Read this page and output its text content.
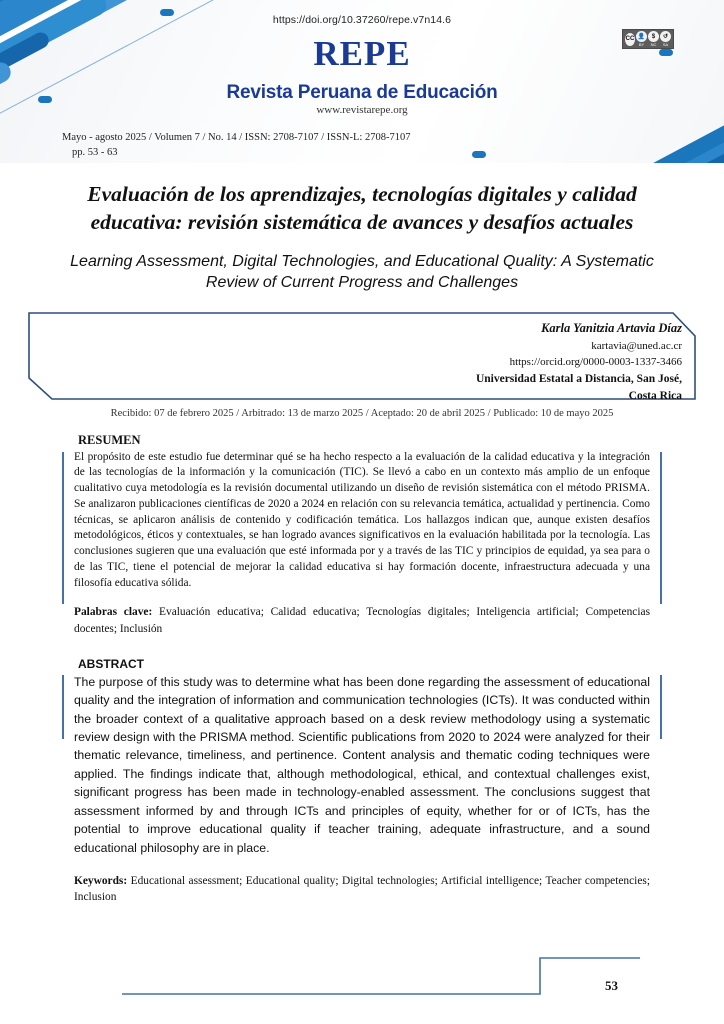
https://doi.org/10.37260/repe.v7n14.6
REPE
Revista Peruana de Educación
www.revistarepe.org
Mayo - agosto 2025 / Volumen 7 / No. 14 / ISSN: 2708-7107 / ISSN-L: 2708-7107
pp. 53 - 63
CC 👤
BY
$
NC
↺
SA
Evaluación de los aprendizajes, tecnologías digitales y calidad educativa: revisión sistemática de avances y desafíos actuales
Learning Assessment, Digital Technologies, and Educational Quality: A Systematic Review of Current Progress and Challenges
Karla Yanitzia Artavia Díaz
kartavia@uned.ac.cr
https://orcid.org/0000-0003-1337-3466
Universidad Estatal a Distancia, San José,
Costa Rica
Recibido: 07 de febrero 2025 / Arbitrado: 13 de marzo 2025 / Aceptado: 20 de abril 2025 / Publicado: 10 de mayo 2025
RESUMEN

El propósito de este estudio fue determinar qué se ha hecho respecto a la evaluación de la calidad educativa y la integración de las tecnologías de la información y la comunicación (TIC). Se llevó a cabo en un contexto más amplio de un enfoque cualitativo cuya metodología es la revisión documental utilizando un diseño de revisión sistemática con el método PRISMA. Se analizaron publicaciones científicas de 2020 a 2024 en relación con su relevancia temática, actualidad y pertinencia. Como técnicas, se aplicaron análisis de contenido y codificación temática. Los hallazgos indican que, aunque existen desafíos metodológicos, éticos y contextuales, se han logrado avances significativos en la evaluación habilitada por la tecnología. Las conclusiones sugieren que una evaluación que esté informada por y a través de las TIC y principios de equidad, ya sea para o de las TIC, tiene el potencial de mejorar la calidad educativa si hay formación docente, infraestructura adecuada y una filosofía educativa sólida.

Palabras clave: Evaluación educativa; Calidad educativa; Tecnologías digitales; Inteligencia artificial; Competencias docentes; Inclusión
ABSTRACT

The purpose of this study was to determine what has been done regarding the assessment of educational quality and the integration of information and communication technologies (ICTs). It was conducted within the broader context of a qualitative approach based on a desk review methodology using a systematic review design with the PRISMA method. Scientific publications from 2020 to 2024 were analyzed for their thematic relevance, timeliness, and pertinence. Content analysis and thematic coding techniques were applied. The findings indicate that, although methodological, ethical, and contextual challenges exist, significant progress has been made in technology-enabled assessment. The conclusions suggest that assessment informed by and through ICTs and principles of equity, whether for or of ICTs, has the potential to improve educational quality if teacher training, adequate infrastructure, and a sound educational philosophy are in place.

Keywords: Educational assessment; Educational quality; Digital technologies; Artificial intelligence; Teacher competencies; Inclusion
53
